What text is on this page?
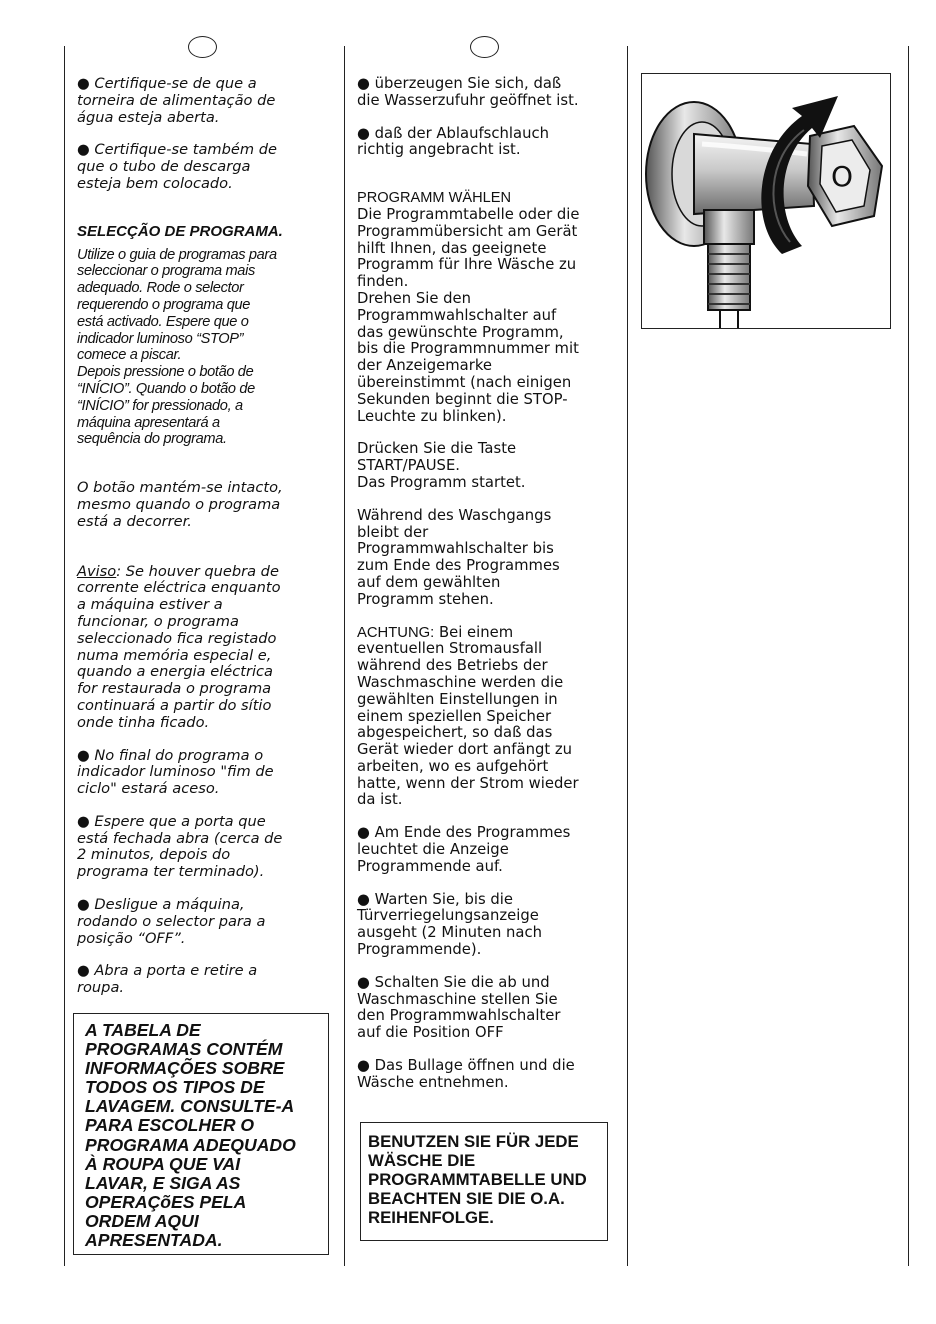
● Certifique-se de que a
torneira de alimentação de
água esteja aberta.

● Certifique-se também de
que o tubo de descarga
esteja bem colocado.

SELECÇÃO DE PROGRAMA.

Utilize o guia de programas para
seleccionar o programa mais
adequado. Rode o selector
requerendo o programa que
está activado. Espere que o
indicador luminoso “STOP”
comece a piscar.
Depois pressione o botão de
“INÍCIO”. Quando o botão de
“INÍCIO” for pressionado, a
máquina apresentará a
sequência do programa.

O botão mantém-se intacto,
mesmo quando o programa
está a decorrer.

Aviso: Se houver quebra de
corrente eléctrica enquanto
a máquina estiver a
funcionar, o programa
seleccionado fica registado
numa memória especial e,
quando a energia eléctrica
for restaurada o programa
continuará a partir do sítio
onde tinha ficado.

● No final do programa o
indicador luminoso "fim de
ciclo" estará aceso.

● Espere que a porta que
está fechada abra (cerca de
2 minutos, depois do
programa ter terminado).

● Desligue a máquina,
rodando o selector para a
posição “OFF”.

● Abra a porta e retire a
roupa.

A TABELA DE
PROGRAMAS CONTÉM
INFORMAÇÕES SOBRE
TODOS OS TIPOS DE
LAVAGEM. CONSULTE-A
PARA ESCOLHER O
PROGRAMA ADEQUADO
À ROUPA QUE VAI
LAVAR, E SIGA AS
OPERAÇõES PELA
ORDEM AQUI
APRESENTADA.

● überzeugen Sie sich, daß
die Wasserzufuhr geöffnet ist.

● daß der Ablaufschlauch
richtig angebracht ist.

PROGRAMM WÄHLEN

Die Programmtabelle oder die
Programmübersicht am Gerät
hilft Ihnen, das geeignete
Programm für Ihre Wäsche zu
finden.
Drehen Sie den
Programmwahlschalter auf
das gewünschte Programm,
bis die Programmnummer mit
der Anzeigemarke
übereinstimmt (nach einigen
Sekunden beginnt die STOP-
Leuchte zu blinken).

Drücken Sie die Taste
START/PAUSE.
Das Programm startet.

Während des Waschgangs
bleibt der
Programmwahlschalter bis
zum Ende des Programmes
auf dem gewählten
Programm stehen.

ACHTUNG: Bei einem
eventuellen Stromausfall
während des Betriebs der
Waschmaschine werden die
gewählten Einstellungen in
einem speziellen Speicher
abgespeichert, so daß das
Gerät wieder dort anfängt zu
arbeiten, wo es aufgehört
hatte, wenn der Strom wieder
da ist.

● Am Ende des Programmes
leuchtet die Anzeige
Programmende auf.

● Warten Sie, bis die
Türverriegelungsanzeige
ausgeht (2 Minuten nach
Programmende).

● Schalten Sie die ab und
Waschmaschine stellen Sie
den Programmwahlschalter
auf die Position OFF

● Das Bullage öffnen und die
Wäsche entnehmen.

BENUTZEN SIE FÜR JEDE
WÄSCHE DIE
PROGRAMMTABELLE UND
BEACHTEN SIE DIE O.A.
REIHENFOLGE.
O
